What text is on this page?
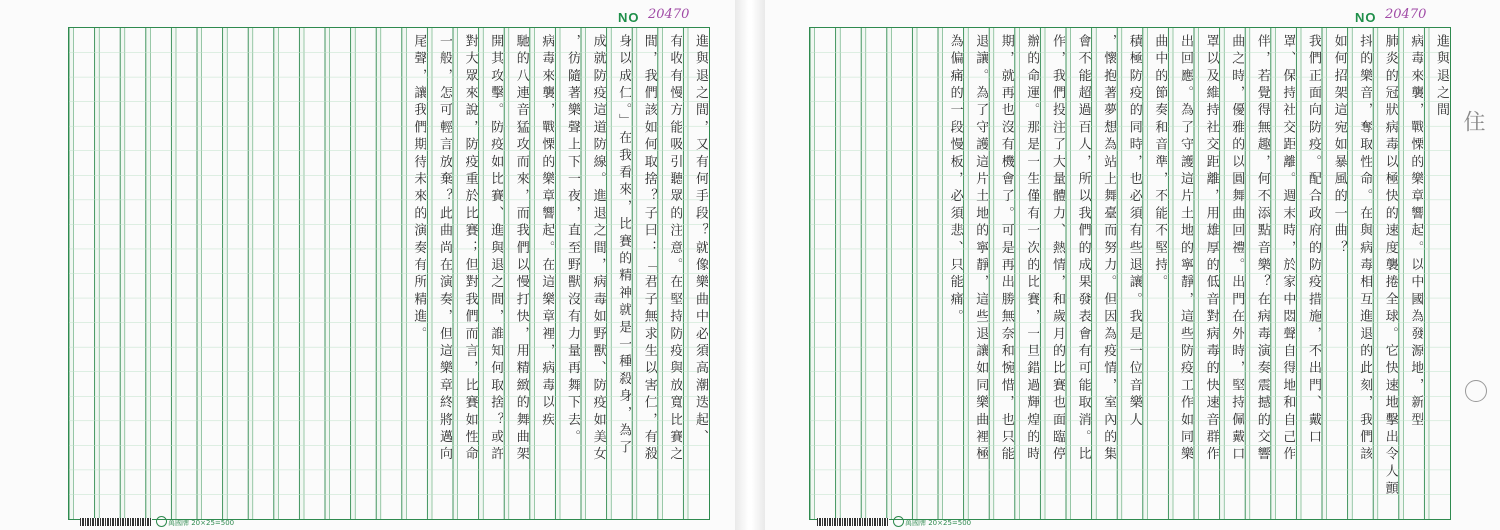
NO 20470
進與退之間，又有何手段？就像樂曲中必須高潮迭起、
有收有慢方能吸引聽眾的注意。在堅持防疫與放寬比賽之
間，我們該如何取捨？子曰：「君子無求生以害仁，有殺
身以成仁。」在我看來，比賽的精神就是一種殺身，為了
成就防疫這道防線。進退之間，病毒如野獸、防疫如美女
，彷隨著樂聲上下一夜，直至野獸沒有力量再舞下去。
病毒來襲，戰慄的樂章響起。在這樂章裡，病毒以疾
馳的八連音猛攻而來，而我們以慢打快，用精緻的舞曲架
開其攻擊。防疫如比賽、進與退之間，誰知何取捨？或許
對大眾來說，防疫重於比賽；但對我們而言，比賽如性命
一般，怎可輕言放棄？此曲尚在演奏，但這樂章終將邁向
尾聲，讓我們期待未來的演奏有所精進。
萬國牌 20×25=500
NO 20470
進與退之間
病毒來襲，戰慄的樂章響起。以中國為發源地，新型
肺炎的冠狀病毒以極快的速度襲捲全球。它快速地擊出令人顫
抖的樂音，奪取性命。在與病毒相互進退的此刻，我們該
如何招架這宛如暴風的一曲？
我們正面向防疫。配合政府的防疫措施，不出門、戴口
罩、保持社交距離。週末時，於家中悶聲自得地和自己作
伴，若覺得無趣，何不添點音樂？在病毒演奏震撼的交響
曲之時，優雅的以圓舞曲回禮。出門在外時，堅持佩戴口
罩以及維持社交距離，用雄厚的低音對病毒的快速音群作
出回應。為了守護這片土地的寧靜，這些防疫工作如同樂
曲中的節奏和音準，不能不堅持。
積極防疫的同時，也必須有些退讓。我是一位音樂人
，懷抱著夢想為站上舞臺而努力。但因為疫情，室內的集
會不能超過百人，所以我們的成果發表會有可能取消。比
作，我們投注了大量體力、熱情，和歲月的比賽也面臨停
辦的命運。那是一生僅有一次的比賽，一旦錯過輝煌的時
期，就再也沒有機會了。可是再出勝無奈和惋惜，也只能
退讓。為了守護這片土地的寧靜，這些退讓如同樂曲裡極
為偏痛的一段慢板，必須悲、只能痛。
萬國牌 20×25=500
住
